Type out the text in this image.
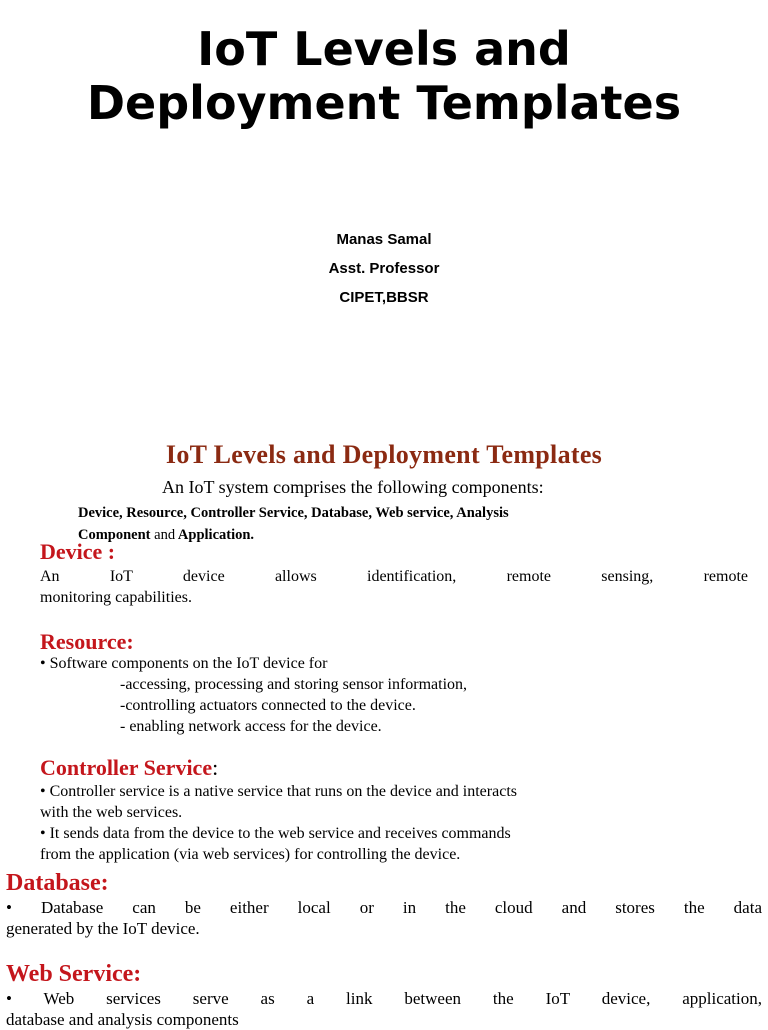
IoT Levels and
Deployment Templates
Manas Samal
Asst. Professor
CIPET,BBSR
IoT Levels and Deployment Templates
An IoT system comprises the following components:
Device, Resource, Controller Service, Database, Web service, Analysis
Component and Application.
Device :
An IoT device allows identification, remote sensing, remote
monitoring capabilities.
Resource:
• Software components on the IoT device for
-accessing, processing and storing sensor information,
-controlling actuators connected to the device.
- enabling network access for the device.
Controller Service:
• Controller service is a native service that runs on the device and interacts
with the web services.
• It sends data from the device to the web service and receives commands
from the application (via web services) for controlling the device.
Database:
• Database can be either local or in the cloud and stores the data
generated by the IoT device.
Web Service:
• Web services serve as a link between the IoT device, application,
database and analysis components
